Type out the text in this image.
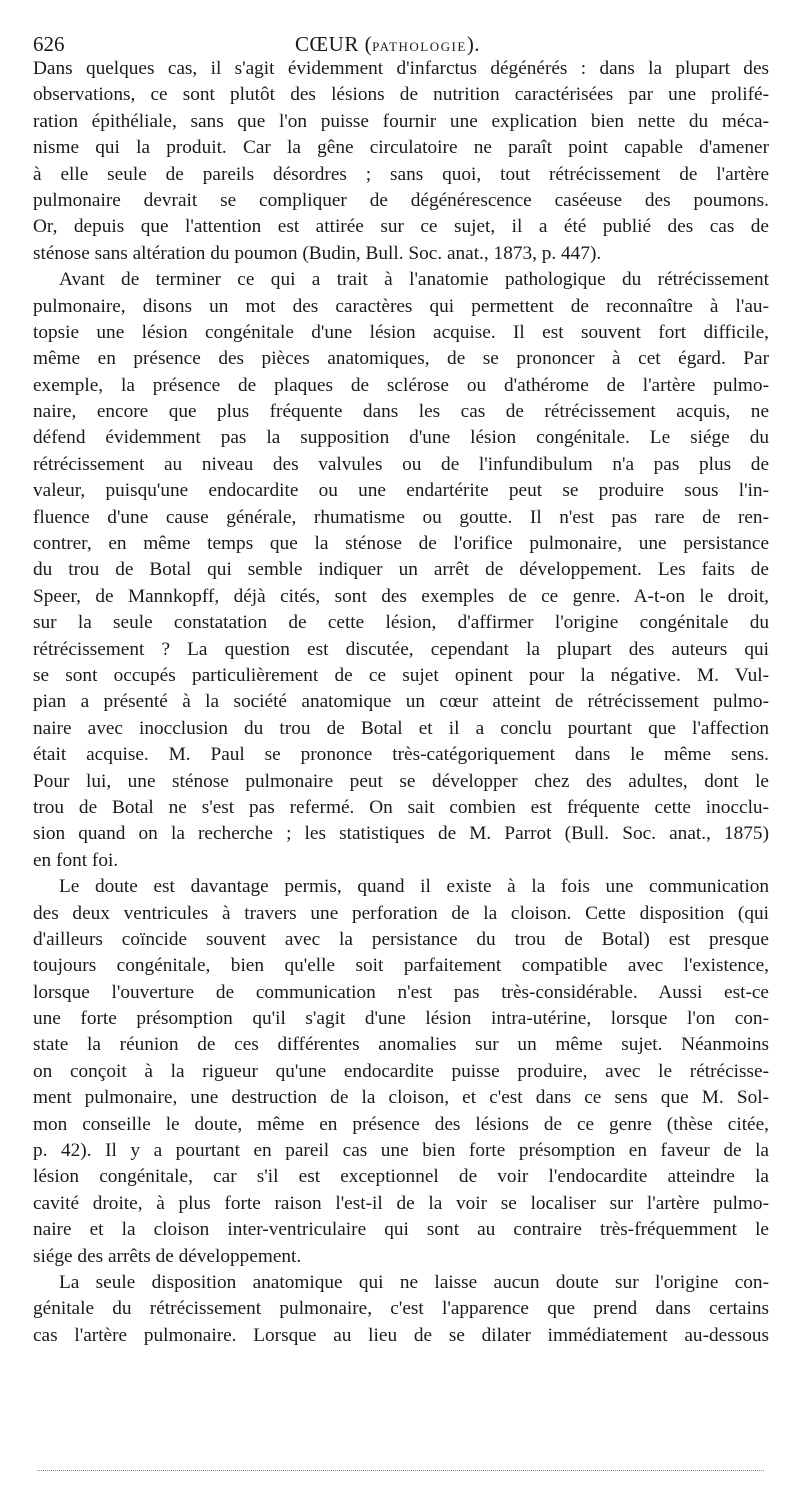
626	CŒUR (PATHOLOGIE).
Dans quelques cas, il s'agit évidemment d'infarctus dégénérés : dans la plupart des
observations, ce sont plutôt des lésions de nutrition caractérisées par une prolifé-
ration épithéliale, sans que l'on puisse fournir une explication bien nette du méca-
nisme qui la produit. Car la gêne circulatoire ne paraît point capable d'amener
à elle seule de pareils désordres ; sans quoi, tout rétrécissement de l'artère
pulmonaire devrait se compliquer de dégénérescence caséeuse des poumons.
Or, depuis que l'attention est attirée sur ce sujet, il a été publié des cas de
sténose sans altération du poumon (Budin, Bull. Soc. anat., 1873, p. 447).
Avant de terminer ce qui a trait à l'anatomie pathologique du rétrécissement
pulmonaire, disons un mot des caractères qui permettent de reconnaître à l'au-
topsie une lésion congénitale d'une lésion acquise. Il est souvent fort difficile,
même en présence des pièces anatomiques, de se prononcer à cet égard. Par
exemple, la présence de plaques de sclérose ou d'athérome de l'artère pulmo-
naire, encore que plus fréquente dans les cas de rétrécissement acquis, ne
défend évidemment pas la supposition d'une lésion congénitale. Le siége du
rétrécissement au niveau des valvules ou de l'infundibulum n'a pas plus de
valeur, puisqu'une endocardite ou une endartérite peut se produire sous l'in-
fluence d'une cause générale, rhumatisme ou goutte. Il n'est pas rare de ren-
contrer, en même temps que la sténose de l'orifice pulmonaire, une persistance
du trou de Botal qui semble indiquer un arrêt de développement. Les faits de
Speer, de Mannkopff, déjà cités, sont des exemples de ce genre. A-t-on le droit,
sur la seule constatation de cette lésion, d'affirmer l'origine congénitale du
rétrécissement ? La question est discutée, cependant la plupart des auteurs qui
se sont occupés particulièrement de ce sujet opinent pour la négative. M. Vul-
pian a présenté à la société anatomique un cœur atteint de rétrécissement pulmo-
naire avec inocclusion du trou de Botal et il a conclu pourtant que l'affection
était acquise. M. Paul se prononce très-catégoriquement dans le même sens.
Pour lui, une sténose pulmonaire peut se développer chez des adultes, dont le
trou de Botal ne s'est pas refermé. On sait combien est fréquente cette inocclu-
sion quand on la recherche ; les statistiques de M. Parrot (Bull. Soc. anat., 1875)
en font foi.
Le doute est davantage permis, quand il existe à la fois une communication
des deux ventricules à travers une perforation de la cloison. Cette disposition (qui
d'ailleurs coïncide souvent avec la persistance du trou de Botal) est presque
toujours congénitale, bien qu'elle soit parfaitement compatible avec l'existence,
lorsque l'ouverture de communication n'est pas très-considérable. Aussi est-ce
une forte présomption qu'il s'agit d'une lésion intra-utérine, lorsque l'on con-
state la réunion de ces différentes anomalies sur un même sujet. Néanmoins
on conçoit à la rigueur qu'une endocardite puisse produire, avec le rétrécisse-
ment pulmonaire, une destruction de la cloison, et c'est dans ce sens que M. Sol-
mon conseille le doute, même en présence des lésions de ce genre (thèse citée,
p. 42). Il y a pourtant en pareil cas une bien forte présomption en faveur de la
lésion congénitale, car s'il est exceptionnel de voir l'endocardite atteindre la
cavité droite, à plus forte raison l'est-il de la voir se localiser sur l'artère pulmo-
naire et la cloison inter-ventriculaire qui sont au contraire très-fréquemment le
siége des arrêts de développement.
La seule disposition anatomique qui ne laisse aucun doute sur l'origine con-
génitale du rétrécissement pulmonaire, c'est l'apparence que prend dans certains
cas l'artère pulmonaire. Lorsque au lieu de se dilater immédiatement au-dessous
